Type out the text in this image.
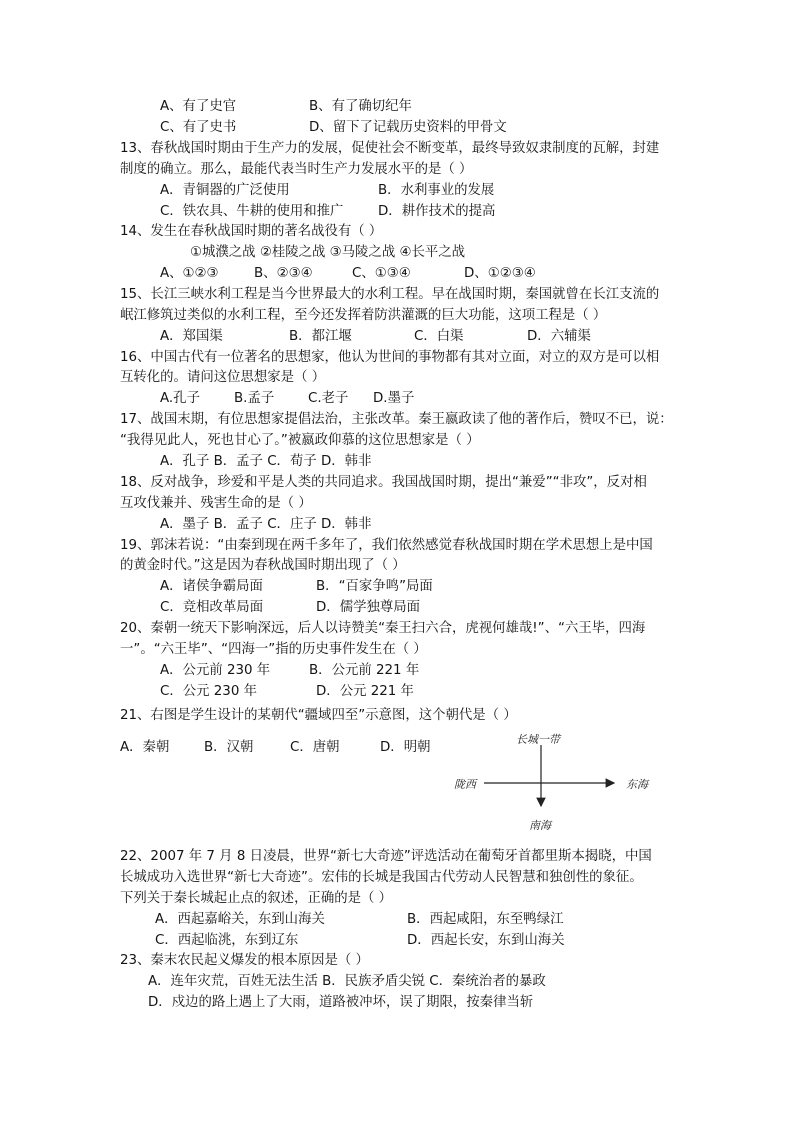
A、有了史官	B、有了确切纪年
C、有了史书	D、留下了记载历史资料的甲骨文
13、春秋战国时期由于生产力的发展，促使社会不断变革，最终导致奴隶制度的瓦解，封建
制度的确立。那么，最能代表当时生产力发展水平的是（ ）
A．青铜器的广泛使用	B．水利事业的发展
C．铁农具、牛耕的使用和推广	D．耕作技术的提高
14、发生在春秋战国时期的著名战役有（ ）
①城濮之战 ②桂陵之战 ③马陵之战 ④长平之战
A、①②③	B、②③④	C、①③④	D、①②③④
15、长江三峡水利工程是当今世界最大的水利工程。早在战国时期，秦国就曾在长江支流的
岷江修筑过类似的水利工程，至今还发挥着防洪灌溉的巨大功能，这项工程是（ ）
A．郑国渠	B．都江堰	C．白渠	D．六辅渠
16、中国古代有一位著名的思想家，他认为世间的事物都有其对立面，对立的双方是可以相
互转化的。请问这位思想家是（ ）
A.孔子	B.孟子	C.老子 D.墨子
17、战国末期，有位思想家提倡法治，主张改革。秦王嬴政读了他的著作后，赞叹不已，说：
“我得见此人，死也甘心了。”被嬴政仰慕的这位思想家是（ ）
A．孔子 B．孟子 C．荀子 D．韩非
18、反对战争，珍爱和平是人类的共同追求。我国战国时期，提出“兼爱”“非攻”，反对相
互攻伐兼并、残害生命的是（ ）
A．墨子 B．孟子 C．庄子 D．韩非
19、郭沫若说：“由秦到现在两千多年了，我们依然感觉春秋战国时期在学术思想上是中国
的黄金时代。”这是因为春秋战国时期出现了（ ）
A．诸侯争霸局面	B．“百家争鸣”局面
C．竞相改革局面	D．儒学独尊局面
20、秦朝一统天下影响深远，后人以诗赞美“秦王扫六合，虎视何雄哉!”、“六王毕，四海
一”。“六王毕”、“四海一”指的历史事件发生在（ ）
A．公元前 230 年	B．公元前 221 年
C．公元 230 年	D．公元 221 年
21、右图是学生设计的某朝代“疆域四至”示意图，这个朝代是（ ）
A．秦朝	B．汉朝	C．唐朝	D．明朝
长城一带
陇西	东海
南海
22、2007 年 7 月 8 日凌晨，世界“新七大奇迹”评选活动在葡萄牙首都里斯本揭晓，中国
长城成功入选世界“新七大奇迹”。宏伟的长城是我国古代劳动人民智慧和独创性的象征。
下列关于秦长城起止点的叙述，正确的是（ ）
A．西起嘉峪关，东到山海关	B．西起咸阳，东至鸭绿江
C．西起临洮，东到辽东	D．西起长安，东到山海关
23、秦末农民起义爆发的根本原因是（ ）
A．连年灾荒，百姓无法生活 B．民族矛盾尖锐 C．秦统治者的暴政
D．戍边的路上遇上了大雨，道路被冲坏，误了期限，按秦律当斩
